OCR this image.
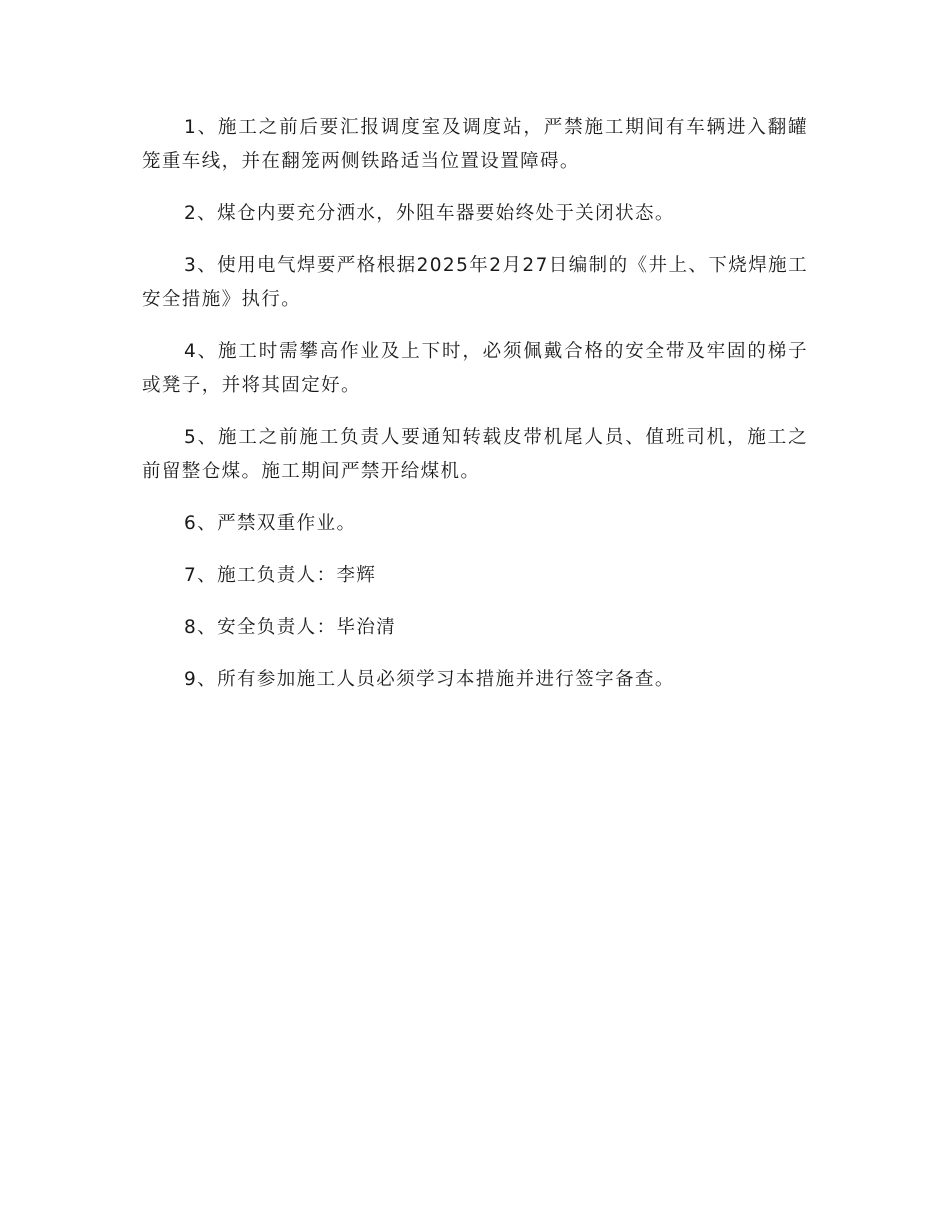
1、施工之前后要汇报调度室及调度站，严禁施工期间有车辆进入翻罐笼重车线，并在翻笼两侧铁路适当位置设置障碍。

2、煤仓内要充分洒水，外阻车器要始终处于关闭状态。

3、使用电气焊要严格根据2025年2月27日编制的《井上、下烧焊施工安全措施》执行。

4、施工时需攀高作业及上下时，必须佩戴合格的安全带及牢固的梯子或凳子，并将其固定好。

5、施工之前施工负责人要通知转载皮带机尾人员、值班司机，施工之前留整仓煤。施工期间严禁开给煤机。

6、严禁双重作业。

7、施工负责人：李辉

8、安全负责人：毕治清

9、所有参加施工人员必须学习本措施并进行签字备查。
